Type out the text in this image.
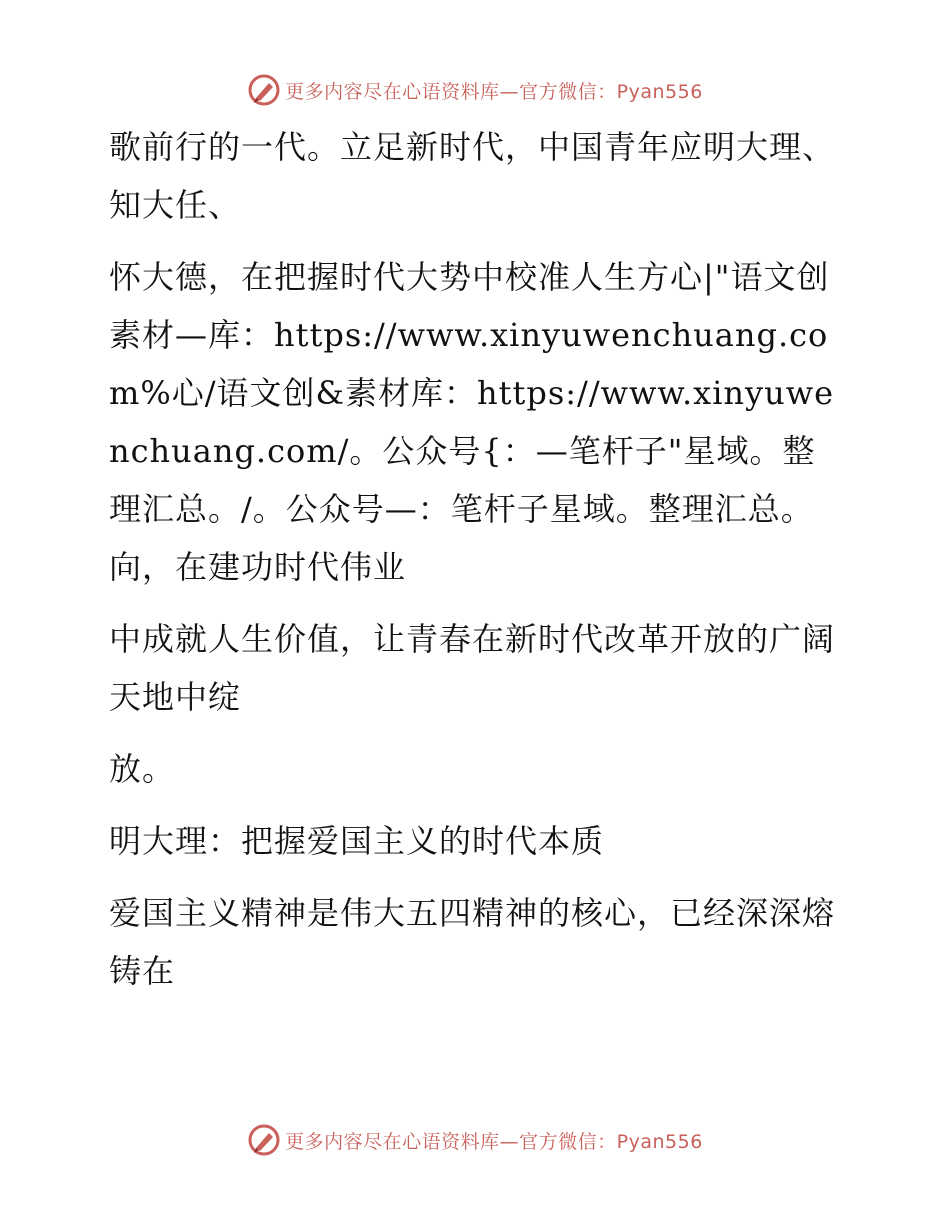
更多内容尽在心语资料库—官方微信：Pyan556

歌前行的一代。立足新时代，中国青年应明大理、知大任、

怀大德，在把握时代大势中校准人生方心|"语文创素材—库：https://www.xinyuwenchuang.com%心/语文创&素材库：https://www.xinyuwenchuang.com/。公众号{：—笔杆子"星域。整理汇总。/。公众号—：笔杆子星域。整理汇总。向，在建功时代伟业

中成就人生价值，让青春在新时代改革开放的广阔天地中绽

放。

明大理：把握爱国主义的时代本质

爱国主义精神是伟大五四精神的核心，已经深深熔铸在

更多内容尽在心语资料库—官方微信：Pyan556
